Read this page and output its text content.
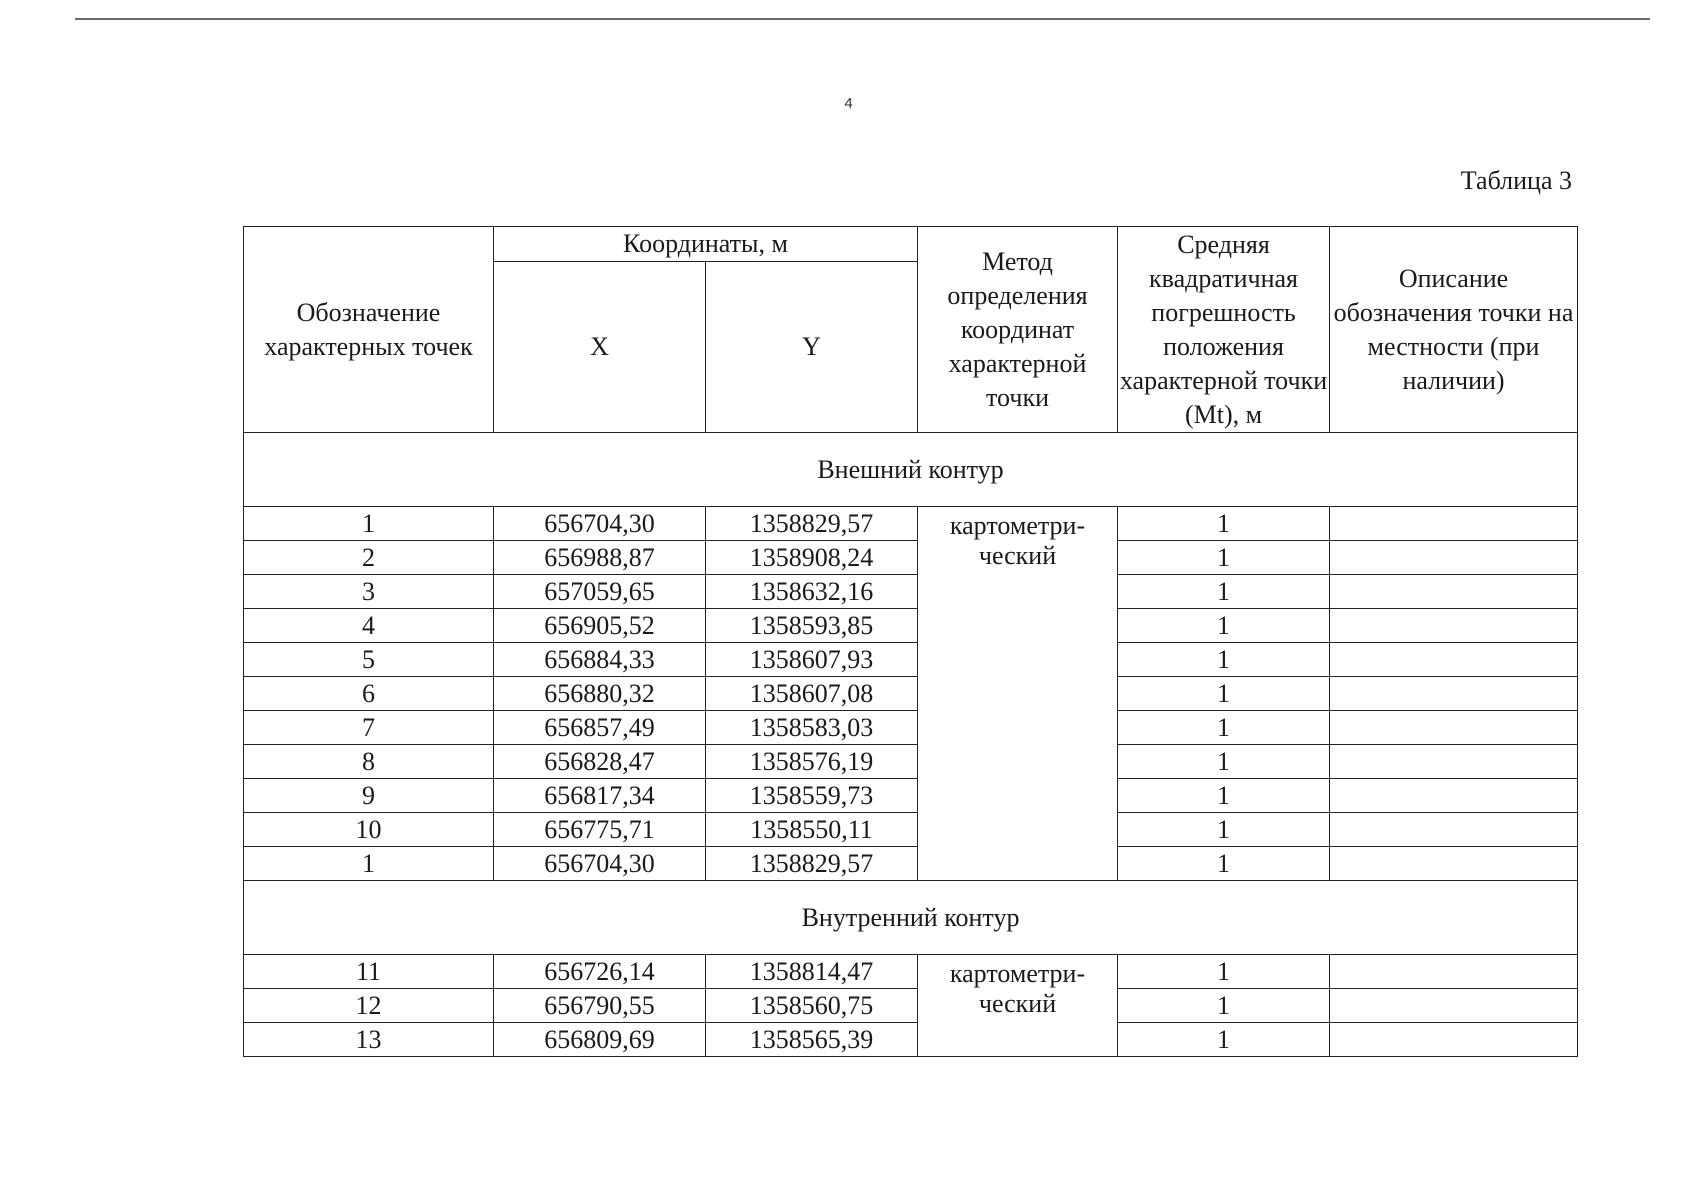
4
Таблица 3
Обозначение характерных точек	Координаты, м		Метод определения координат характерной точки	Средняя квадратичная погрешность положения характерной точки (Mt), м	Описание обозначения точки на местности (при наличии)
	X	Y			
Внешний контур					
1	656704,30	1358829,57	картометри-ческий	1	
2	656988,87	1358908,24		1	
3	657059,65	1358632,16		1	
4	656905,52	1358593,85		1	
5	656884,33	1358607,93		1	
6	656880,32	1358607,08		1	
7	656857,49	1358583,03		1	
8	656828,47	1358576,19		1	
9	656817,34	1358559,73		1	
10	656775,71	1358550,11		1	
1	656704,30	1358829,57		1	
Внутренний контур					
11	656726,14	1358814,47	картометри-ческий	1	
12	656790,55	1358560,75		1	
13	656809,69	1358565,39		1	
